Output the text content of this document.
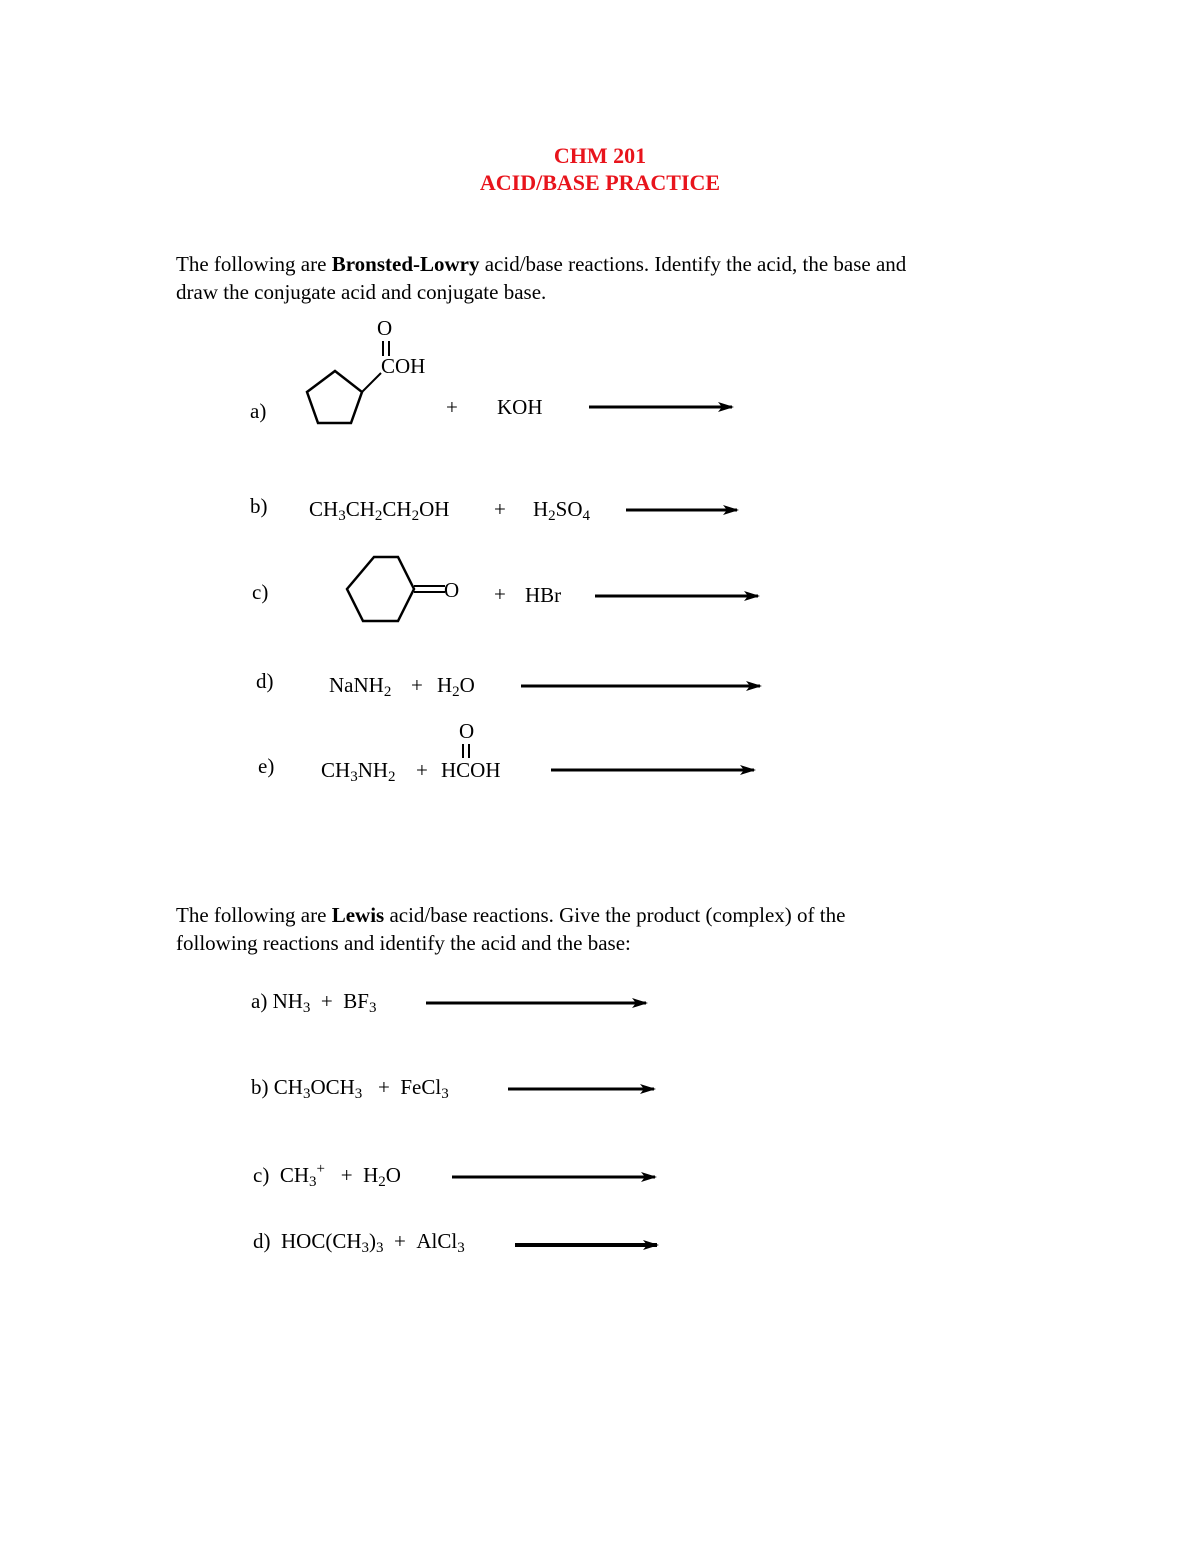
CHM 201
ACID/BASE PRACTICE
The following are Bronsted-Lowry acid/base reactions. Identify the acid, the base and
draw the conjugate acid and conjugate base.
a)
O
COH
+ KOH
b) $CH_3CH_2CH_2OH + H_2SO_4$
c)	O + HBr
d)	NaNH$_2$ + $H_2O$
e) $CH_3NH_2$ +
O
HCOH
The following are Lewis acid/base reactions. Give the product (complex) of the
following reactions and identify the acid and the base:
a) $NH_3 + BF_3$
b) $CH_3OCH_3$ + FeCl$_3$
c) $CH_3^+ + H_2O$
d) $HOC(CH_3)_3$ + AlCl$_3$
